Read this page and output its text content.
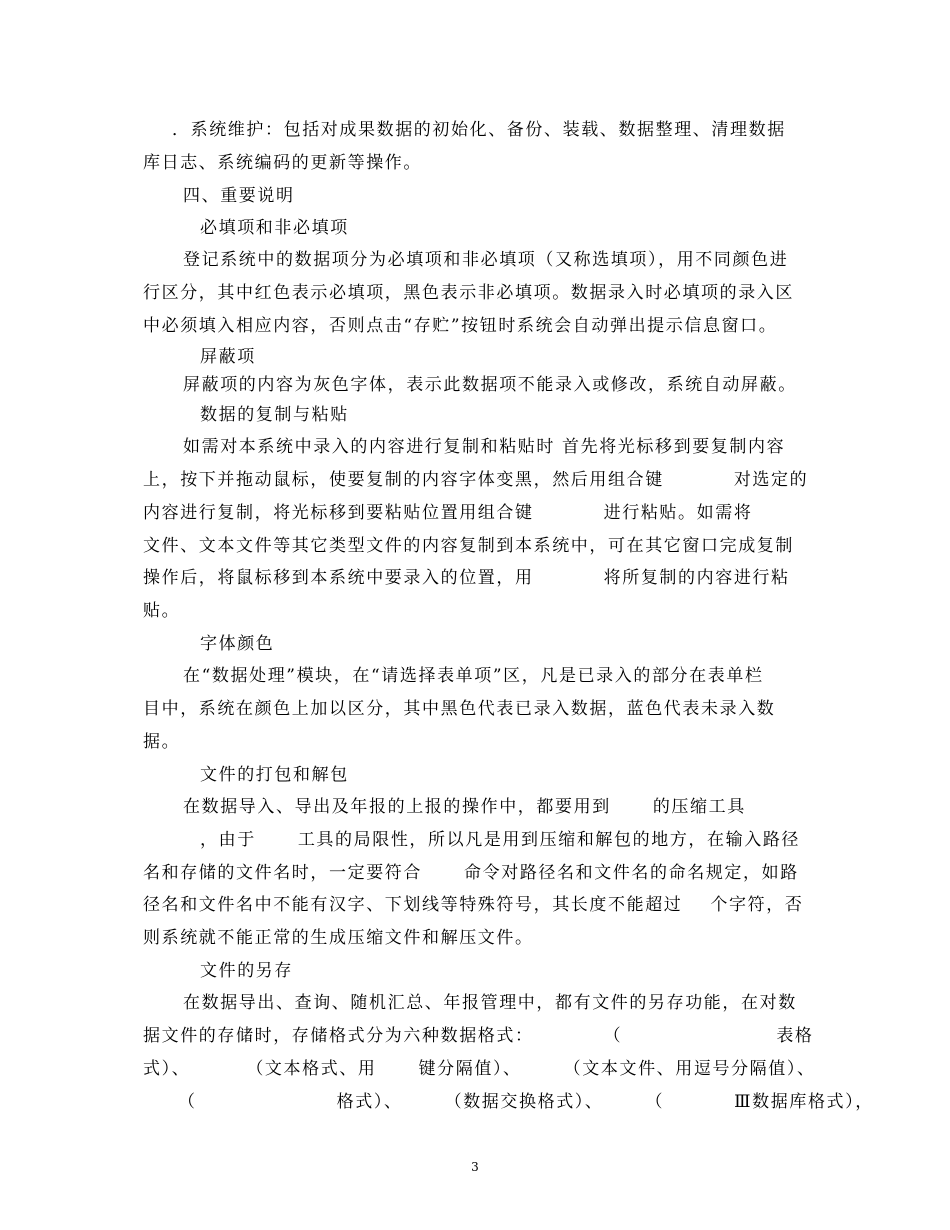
．系统维护：包括对成果数据的初始化、备份、装载、数据整理、清理数据
库日志、系统编码的更新等操作。
四、重要说明
必填项和非必填项
登记系统中的数据项分为必填项和非必填项（又称选填项），用不同颜色进
行区分，其中红色表示必填项，黑色表示非必填项。数据录入时必填项的录入区
中必须填入相应内容，否则点击“存贮”按钮时系统会自动弹出提示信息窗口。
屏蔽项
屏蔽项的内容为灰色字体，表示此数据项不能录入或修改，系统自动屏蔽。
数据的复制与粘贴
如需对本系统中录入的内容进行复制和粘贴时 首先将光标移到要复制内容
上，按下并拖动鼠标，使要复制的内容字体变黑，然后用组合键          对选定的
内容进行复制，将光标移到要粘贴位置用组合键          进行粘贴。如需将
文件、文本文件等其它类型文件的内容复制到本系统中，可在其它窗口完成复制
操作后，将鼠标移到本系统中要录入的位置，用          将所复制的内容进行粘
贴。
字体颜色
在“数据处理”模块，在“请选择表单项”区，凡是已录入的部分在表单栏
目中，系统在颜色上加以区分，其中黑色代表已录入数据，蓝色代表未录入数
据。
文件的打包和解包
在数据导入、导出及年报的上报的操作中，都要用到      的压缩工具
，由于      工具的局限性，所以凡是用到压缩和解包的地方，在输入路径
名和存储的文件名时，一定要符合      命令对路径名和文件名的命名规定，如路
径名和文件名中不能有汉字、下划线等特殊符号，其长度不能超过    个字符，否
则系统就不能正常的生成压缩文件和解压文件。
文件的另存
在数据导出、查询、随机汇总、年报管理中，都有文件的另存功能，在对数
据文件的存储时，存储格式分为六种数据格式：          （                      表格
式）、        （文本格式、用      键分隔值）、      （文本文件、用逗号分隔值）、
（                    格式）、      （数据交换格式）、      （          Ⅲ数据库格式），
3
